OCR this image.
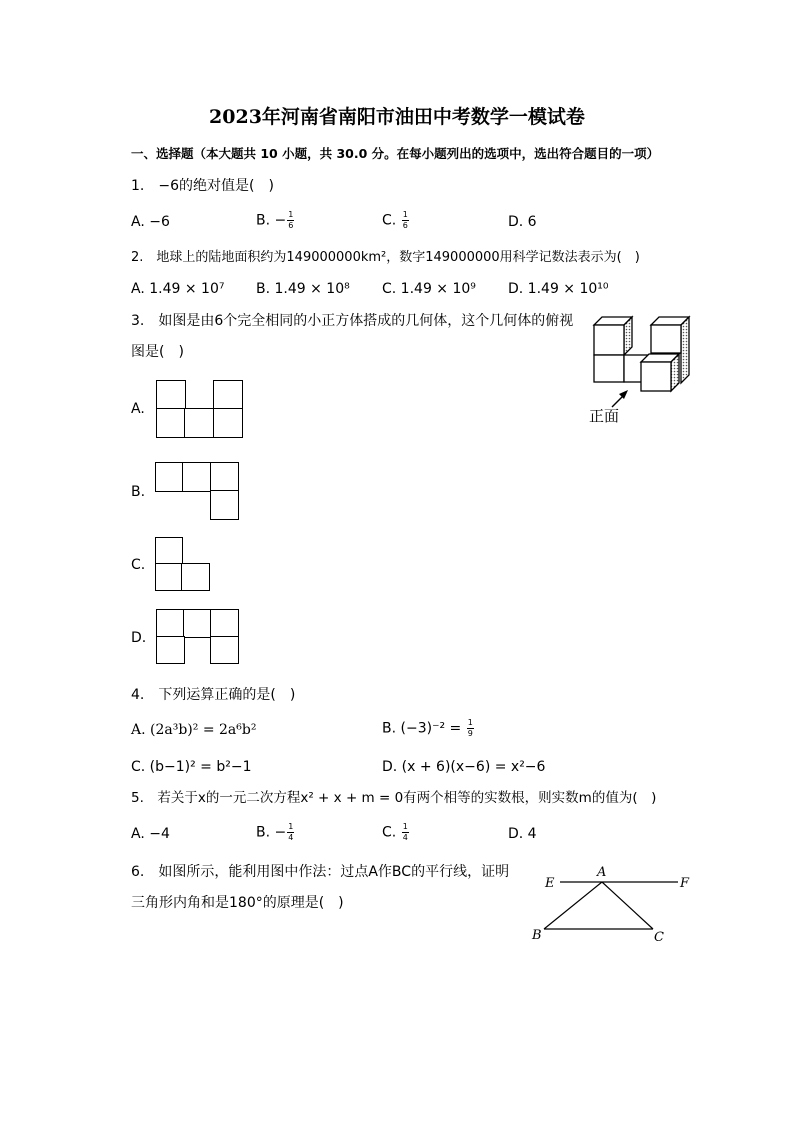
2023年河南省南阳市油田中考数学一模试卷
一、选择题（本大题共 10 小题，共 30.0 分。在每小题列出的选项中，选出符合题目的一项）
1.　−6的绝对值是(　)
A. −6	B. − $\frac{1}{6}$	C. $\frac{1}{6}$	D. 6
2.　地球上的陆地面积约为149000000km²，数字149000000用科学记数法表示为(　)
A. 1.49 × 10⁷ B. 1.49 × 10⁸ C. 1.49 × 10⁹ D. 1.49 × 10¹⁰
3.　如图是由6个完全相同的小正方体搭成的几何体，这个几何体的俯视
图是(　)
正面
A.
B.
C.
D.
4.　下列运算正确的是(　)
A. (2a³b)² = 2a⁶b²	B. $(-3)^{-2} = \frac{1}{9}$
C. (b−1)² = b²−1	D. (x + 6)(x−6) = x²−6
5.　若关于x的一元二次方程x² + x + m = 0有两个相等的实数根，则实数m的值为(　)
A. −4	B. − $\frac{1}{4}$	C. $\frac{1}{4}$	D. 4
6.　如图所示，能利用图中作法：过点A作BC的平行线，证明
三角形内角和是180°的原理是(　)
E
A
F
B	C
